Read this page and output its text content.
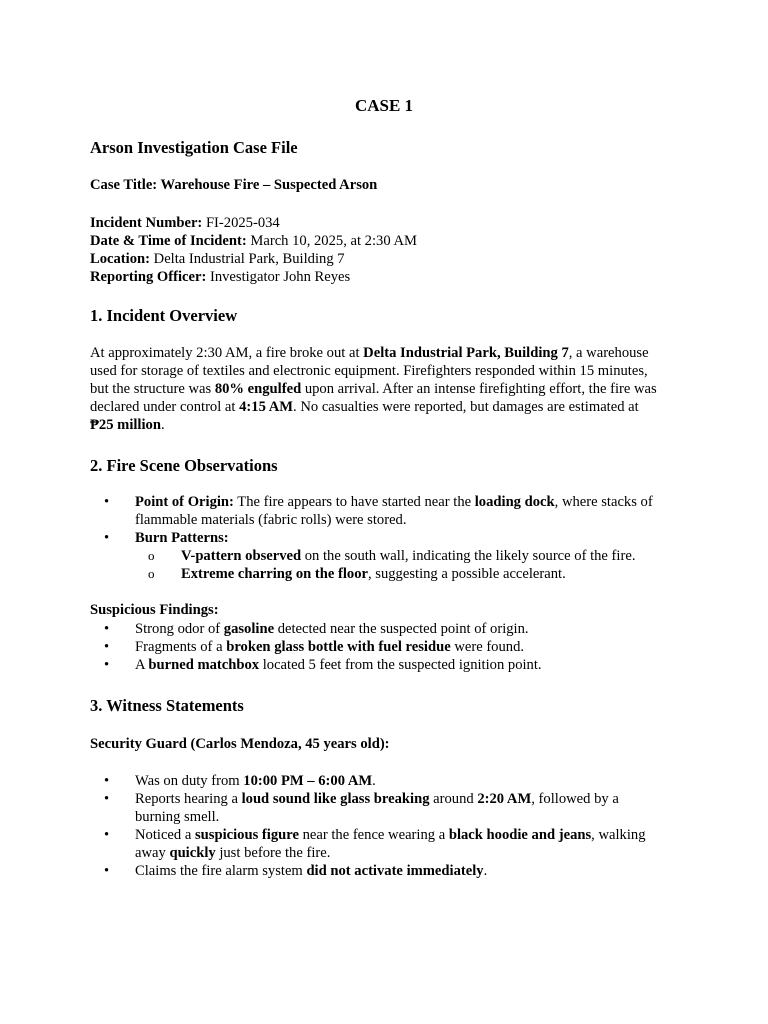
CASE 1
Arson Investigation Case File
Case Title: Warehouse Fire – Suspected Arson
Incident Number: FI-2025-034
Date & Time of Incident: March 10, 2025, at 2:30 AM
Location: Delta Industrial Park, Building 7
Reporting Officer: Investigator John Reyes
1. Incident Overview
At approximately 2:30 AM, a fire broke out at Delta Industrial Park, Building 7, a warehouse
used for storage of textiles and electronic equipment. Firefighters responded within 15 minutes,
but the structure was 80% engulfed upon arrival. After an intense firefighting effort, the fire was
declared under control at 4:15 AM. No casualties were reported, but damages are estimated at
₱25 million.
2. Fire Scene Observations
• Point of Origin: The fire appears to have started near the loading dock, where stacks of
flammable materials (fabric rolls) were stored.
• Burn Patterns:
o V-pattern observed on the south wall, indicating the likely source of the fire.
o Extreme charring on the floor, suggesting a possible accelerant.
Suspicious Findings:
• Strong odor of gasoline detected near the suspected point of origin.
• Fragments of a broken glass bottle with fuel residue were found.
• A burned matchbox located 5 feet from the suspected ignition point.
3. Witness Statements
Security Guard (Carlos Mendoza, 45 years old):
• Was on duty from 10:00 PM – 6:00 AM.
• Reports hearing a loud sound like glass breaking around 2:20 AM, followed by a
burning smell.
• Noticed a suspicious figure near the fence wearing a black hoodie and jeans, walking
away quickly just before the fire.
• Claims the fire alarm system did not activate immediately.
